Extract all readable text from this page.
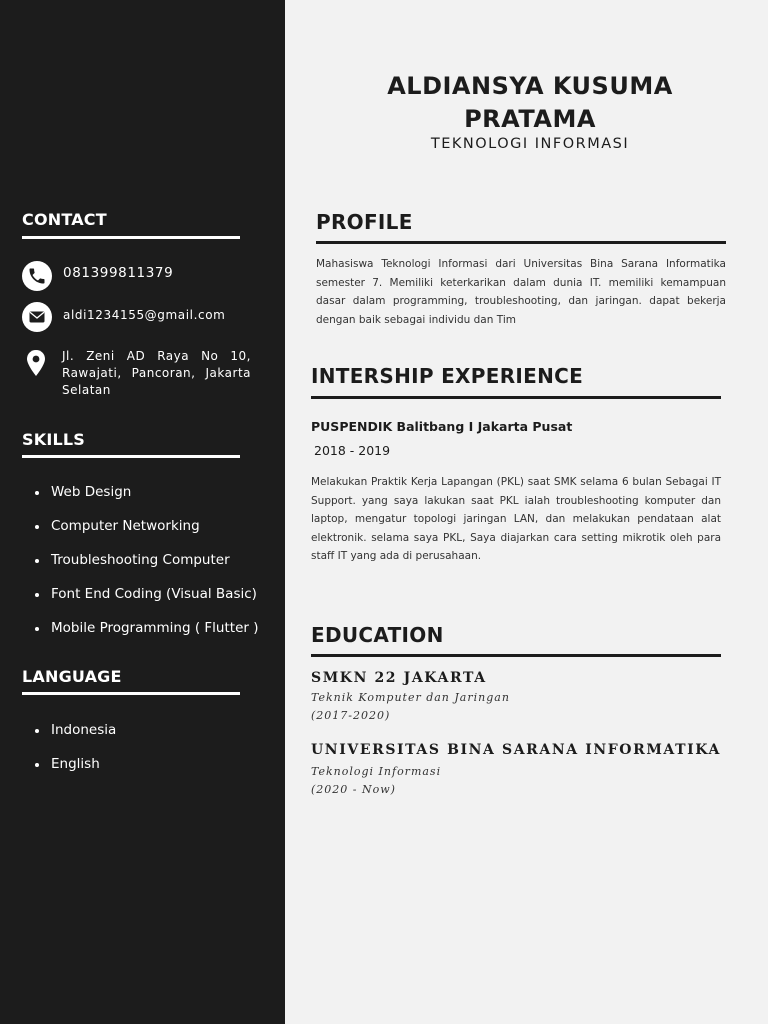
CONTACT
081399811379
aldi1234155@gmail.com
Jl. Zeni AD Raya No 10, Rawajati, Pancoran, Jakarta Selatan
SKILLS
Web Design
Computer Networking
Troubleshooting Computer
Font End Coding (Visual Basic)
Mobile Programming ( Flutter )
LANGUAGE
Indonesia
English
ALDIANSYA KUSUMA
PRATAMA
TEKNOLOGI INFORMASI
PROFILE
Mahasiswa Teknologi Informasi dari Universitas Bina Sarana Informatika semester 7. Memiliki keterkarikan dalam dunia IT. memiliki kemampuan dasar dalam programming, troubleshooting, dan jaringan. dapat bekerja dengan baik sebagai individu dan Tim
INTERSHIP EXPERIENCE
PUSPENDIK Balitbang I Jakarta Pusat
2018 - 2019
Melakukan Praktik Kerja Lapangan (PKL) saat SMK selama 6 bulan Sebagai IT Support. yang saya lakukan saat PKL ialah troubleshooting komputer dan laptop, mengatur topologi jaringan LAN, dan melakukan pendataan alat elektronik. selama saya PKL, Saya diajarkan cara setting mikrotik oleh para staff IT yang ada di perusahaan.
EDUCATION
SMKN 22 JAKARTA
Teknik Komputer dan Jaringan
(2017-2020)
UNIVERSITAS BINA SARANA INFORMATIKA
Teknologi Informasi
(2020 - Now)
